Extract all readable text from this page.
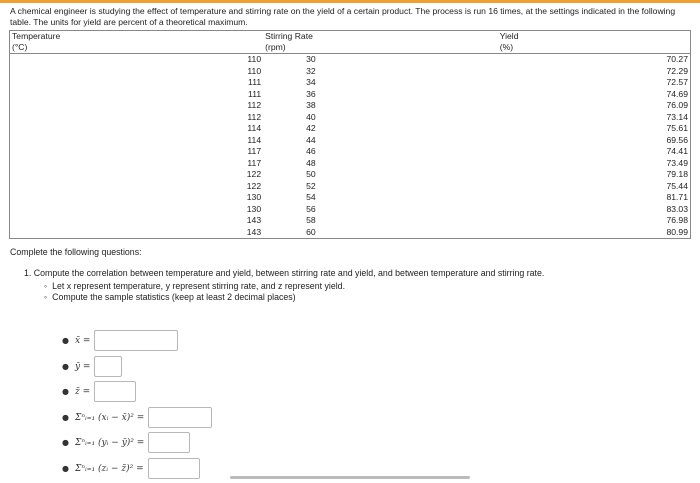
A chemical engineer is studying the effect of temperature and stirring rate on the yield of a certain product. The process is run 16 times, at the settings indicated in the following table. The units for yield are percent of a theoretical maximum.
Temperature	Stirring Rate	Yield
(°C)	(rpm)	(%)
110	30	70.27
110	32	72.29
111	34	72.57
111	36	74.69
112	38	76.09
112	40	73.14
114	42	75.61
114	44	69.56
117	46	74.41
117	48	73.49
122	50	79.18
122	52	75.44
130	54	81.71
130	56	83.03
143	58	76.98
143	60	80.99
Complete the following questions:
1. Compute the correlation between temperature and yield, between stirring rate and yield, and between temperature and stirring rate.
◦ Let x represent temperature, y represent stirring rate, and z represent yield.
◦ Compute the sample statistics (keep at least 2 decimal places)
● x̄ =
● ȳ =
● z̄ =
● Σⁿᵢ₌₁ (xᵢ − x̄)² =
● Σⁿᵢ₌₁ (yᵢ − ȳ)² =
● Σⁿᵢ₌₁ (zᵢ − z̄)² =
